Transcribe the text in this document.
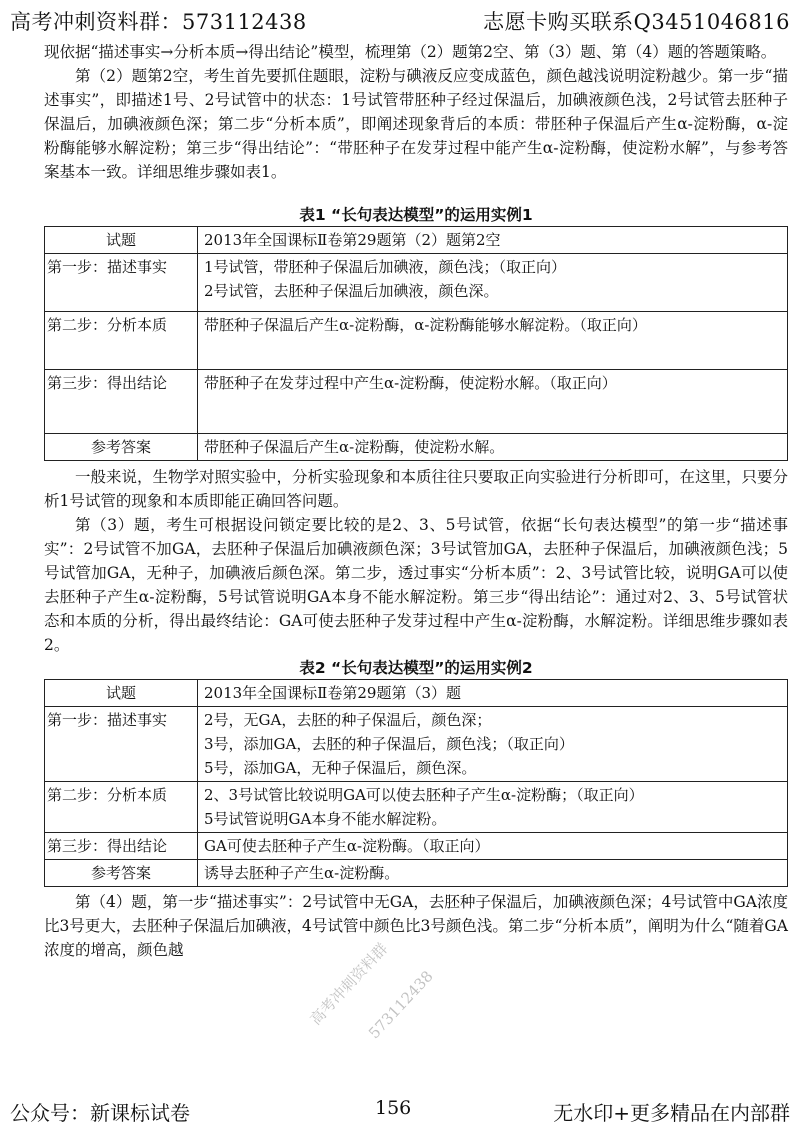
高考冲刺资料群：573112438	志愿卡购买联系Q3451046816

现依据“描述事实→分析本质→得出结论”模型，梳理第（2）题第2空、第（3）题、第（4）题的答题策略。

第（2）题第2空，考生首先要抓住题眼，淀粉与碘液反应变成蓝色，颜色越浅说明淀粉越少。第一步“描述事实”，即描述1号、2号试管中的状态：1号试管带胚种子经过保温后，加碘液颜色浅，2号试管去胚种子保温后，加碘液颜色深；第二步“分析本质”，即阐述现象背后的本质：带胚种子保温后产生α-淀粉酶，α-淀粉酶能够水解淀粉；第三步“得出结论”：“带胚种子在发芽过程中能产生α-淀粉酶，使淀粉水解”，与参考答案基本一致。详细思维步骤如表1。

表1 “长句表达模型”的运用实例1

试题	2013年全国课标Ⅱ卷第29题第（2）题第2空

第一步：描述事实	1号试管，带胚种子保温后加碘液，颜色浅；（取正向）
2号试管，去胚种子保温后加碘液，颜色深。

第二步：分析本质	带胚种子保温后产生α-淀粉酶，α-淀粉酶能够水解淀粉。（取正向）

第三步：得出结论	带胚种子在发芽过程中产生α-淀粉酶，使淀粉水解。（取正向）

参考答案	带胚种子保温后产生α-淀粉酶，使淀粉水解。

一般来说，生物学对照实验中，分析实验现象和本质往往只要取正向实验进行分析即可，在这里，只要分析1号试管的现象和本质即能正确回答问题。

第（3）题，考生可根据设问锁定要比较的是2、3、5号试管，依据“长句表达模型”的第一步“描述事实”：2号试管不加GA，去胚种子保温后加碘液颜色深；3号试管加GA，去胚种子保温后，加碘液颜色浅；5号试管加GA，无种子，加碘液后颜色深。第二步，透过事实“分析本质”：2、3号试管比较，说明GA可以使去胚种子产生α-淀粉酶，5号试管说明GA本身不能水解淀粉。第三步“得出结论”：通过对2、3、5号试管状态和本质的分析，得出最终结论：GA可使去胚种子发芽过程中产生α-淀粉酶，水解淀粉。详细思维步骤如表2。

表2 “长句表达模型”的运用实例2

试题	2013年全国课标Ⅱ卷第29题第（3）题

第一步：描述事实	2号，无GA，去胚的种子保温后，颜色深；
3号，添加GA，去胚的种子保温后，颜色浅；（取正向）
5号，添加GA，无种子保温后，颜色深。

第二步：分析本质	2、3号试管比较说明GA可以使去胚种子产生α-淀粉酶；（取正向）
5号试管说明GA本身不能水解淀粉。

第三步：得出结论	GA可使去胚种子产生α-淀粉酶。（取正向）

参考答案	诱导去胚种子产生α-淀粉酶。

第（4）题，第一步“描述事实”：2号试管中无GA，去胚种子保温后，加碘液颜色深；4号试管中GA浓度比3号更大，去胚种子保温后加碘液，4号试管中颜色比3号颜色浅。第二步“分析本质”，阐明为什么“随着GA浓度的增高，颜色越	高考冲刺资料群
573112438
公众号：新课标试卷	156	无水印+更多精品在内部群
